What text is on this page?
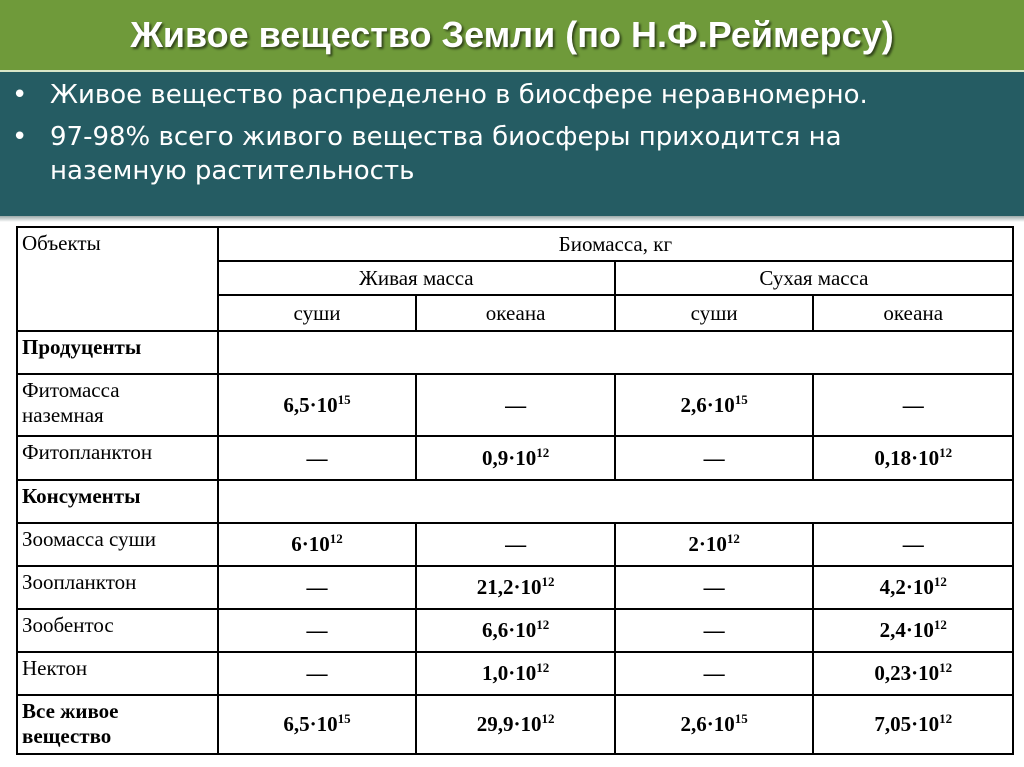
Живое вещество Земли (по Н.Ф.Реймерсу)
• Живое вещество распределено в биосфере неравномерно.
• 97-98% всего живого вещества биосферы приходится на
наземную растительность
Объекты	Биомасса, кг			
	Живая масса		Сухая масса	
	суши	океана	суши	океана
Продуценты				
Фитомасса
наземная	$6,5\cdot 10^{15}$	—	$2,6\cdot 10^{15}$	—
Фитопланктон	—	$0,9\cdot 10^{12}$	—	$0,18\cdot 10^{12}$
Консументы				
Зоомасса суши	$6\cdot 10^{12}$	—	$2\cdot 10^{12}$	—
Зоопланктон	—	$21,2\cdot 10^{12}$	—	$4,2\cdot 10^{12}$
Зообентос	—	$6,6\cdot 10^{12}$	—	$2,4\cdot 10^{12}$
Нектон	—	$1,0\cdot 10^{12}$	—	$0,23\cdot 10^{12}$
Все живое
вещество	$6,5\cdot 10^{15}$	$29,9\cdot 10^{12}$	$2,6\cdot 10^{15}$	$7,05\cdot 10^{12}$
